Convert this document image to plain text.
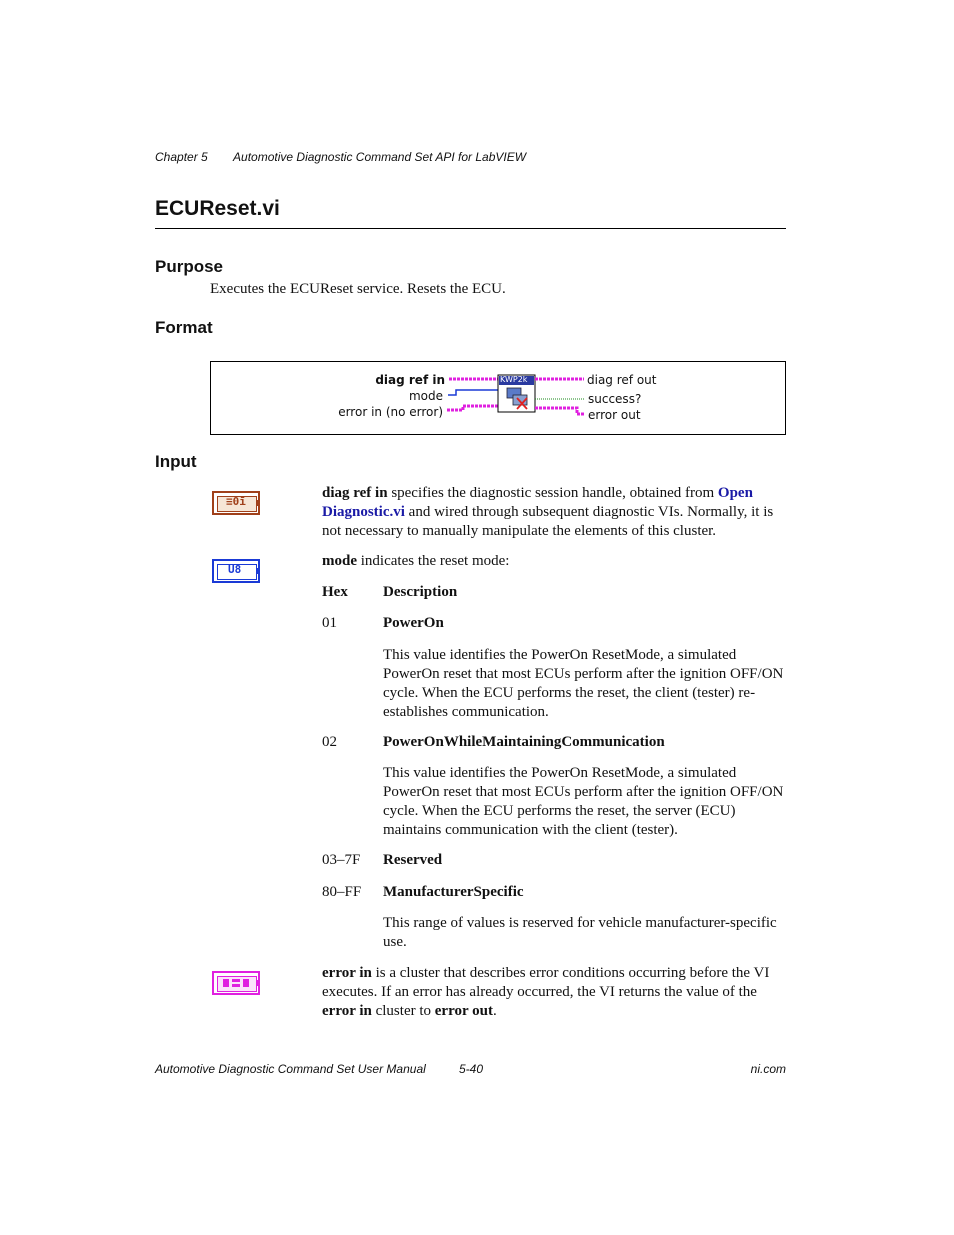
Chapter 5 Automotive Diagnostic Command Set API for LabVIEW
ECUReset.vi
Purpose
Executes the ECUReset service. Resets the ECU.
Format
diag ref in
mode
error in (no error)
KWP2k	diag ref out
success?
error out
Input
≡0ī
diag ref in specifies the diagnostic session handle, obtained from Open Diagnostic.vi and wired through subsequent diagnostic VIs. Normally, it is not necessary to manually manipulate the elements of this cluster.
U8
mode indicates the reset mode:
Hex Description
01	PowerOn
This value identifies the PowerOn ResetMode, a simulated PowerOn reset that most ECUs perform after the ignition OFF/ON cycle. When the ECU performs the reset, the client (tester) re-establishes communication.
02	PowerOnWhileMaintainingCommunication
This value identifies the PowerOn ResetMode, a simulated PowerOn reset that most ECUs perform after the ignition OFF/ON cycle. When the ECU performs the reset, the server (ECU) maintains communication with the client (tester).
03–7F Reserved
80–FF ManufacturerSpecific
This range of values is reserved for vehicle manufacturer-specific use.
error in is a cluster that describes error conditions occurring before the VI executes. If an error has already occurred, the VI returns the value of the error in cluster to error out.
Automotive Diagnostic Command Set User Manual	5-40	ni.com
